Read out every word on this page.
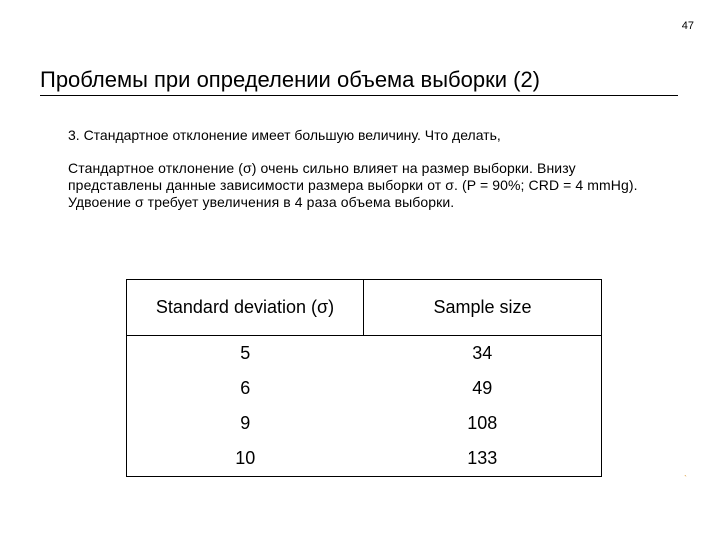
47
Проблемы при определении объема выборки (2)
3. Стандартное отклонение имеет большую величину. Что делать,
Стандартное отклонение (σ) очень сильно влияет на размер выборки. Внизу представлены данные зависимости размера выборки от σ. (P = 90%; CRD = 4 mmHg). Удвоение σ требует увеличения в 4 раза объема выборки.
Standard deviation (σ)	Sample size
5	34
6	49
9	108
10	133
`
